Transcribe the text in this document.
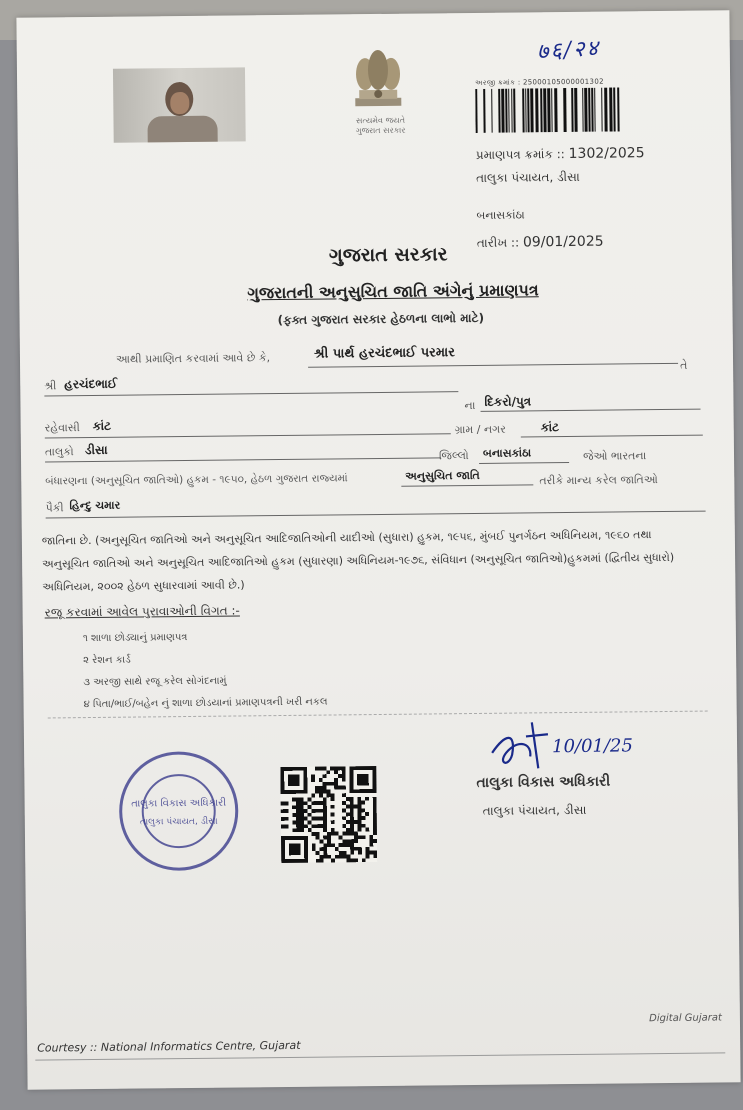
७६/२४
સત્યમેવ જયતે
ગુજરાત સરકાર
અરજી ક્રમાંક : 25000105000001302
પ્રમાણપત્ર ક્રમાંક :: 1302/2025
તાલુકા પંચાયત, ડીસા
બનાસકાંઠા
તારીખ :: 09/01/2025
ગુજરાત સરકાર
ગુજરાતની અનુસુચિત જાતિ અંગેનું પ્રમાણપત્ર
(ફક્ત ગુજરાત સરકાર હેઠળના લાભો માટે)
આથી પ્રમાણિત કરવામાં આવે છે કે,	શ્રી પાર્થ હરચંદભાઈ પરમાર
તે
શ્રી હરચંદભાઈ
ના દિકરો/પુત્ર
રહેવાસી કાંટ	ગ્રામ / નગર	કાંટ
તાલુકો ડીસા	જિલ્લો બનાસકાંઠા	જેઓ ભારતના
બંધારણના (અનુસૂચિત જાતિઓ) હુકમ - ૧૯૫૦, હેઠળ ગુજરાત રાજ્યમાં	અનુસુચિત જાતિ	તરીકે માન્ય કરેલ જાતિઓ
પૈકી હિન્દુ ચમાર
જાતિના છે. (અનુસૂચિત જાતિઓ અને અનુસૂચિત આદિજાતિઓની યાદીઓ (સુધારા) હુકમ, ૧૯૫૬, મુંબઈ પુનર્ગઠન અધિનિયમ, ૧૯૬૦ તથા અનુસૂચિત જાતિઓ અને અનુસૂચિત આદિજાતિઓ હુકમ (સુધારણા) અધિનિયમ-૧૯૭૬, સંવિધાન (અનુસૂચિત જાતિઓ)હુકમમાં (દ્વિતીય સુધારો) અધિનિયમ, ૨૦૦૨ હેઠળ સુધારવામાં આવી છે.)
રજૂ કરવામાં આવેલ પુરાવાઓની વિગત :-
૧ શાળા છોડ્યાનું પ્રમાણપત્ર
૨ રેશન કાર્ડ
૩ અરજી સાથે રજૂ કરેલ સોગંદનામું
૪ પિતા/ભાઈ/બહેન નું શાળા છોડયાનાં પ્રમાણપત્રની ખરી નકલ
10/01/25
તાલુકા વિકાસ અધિકારી
તાલુકા પંચાયત, ડીસા
તાલુકા વિકાસ અધિકારી
તાલુકા પંચાયત, ડીસા
Digital Gujarat
Courtesy :: National Informatics Centre, Gujarat
